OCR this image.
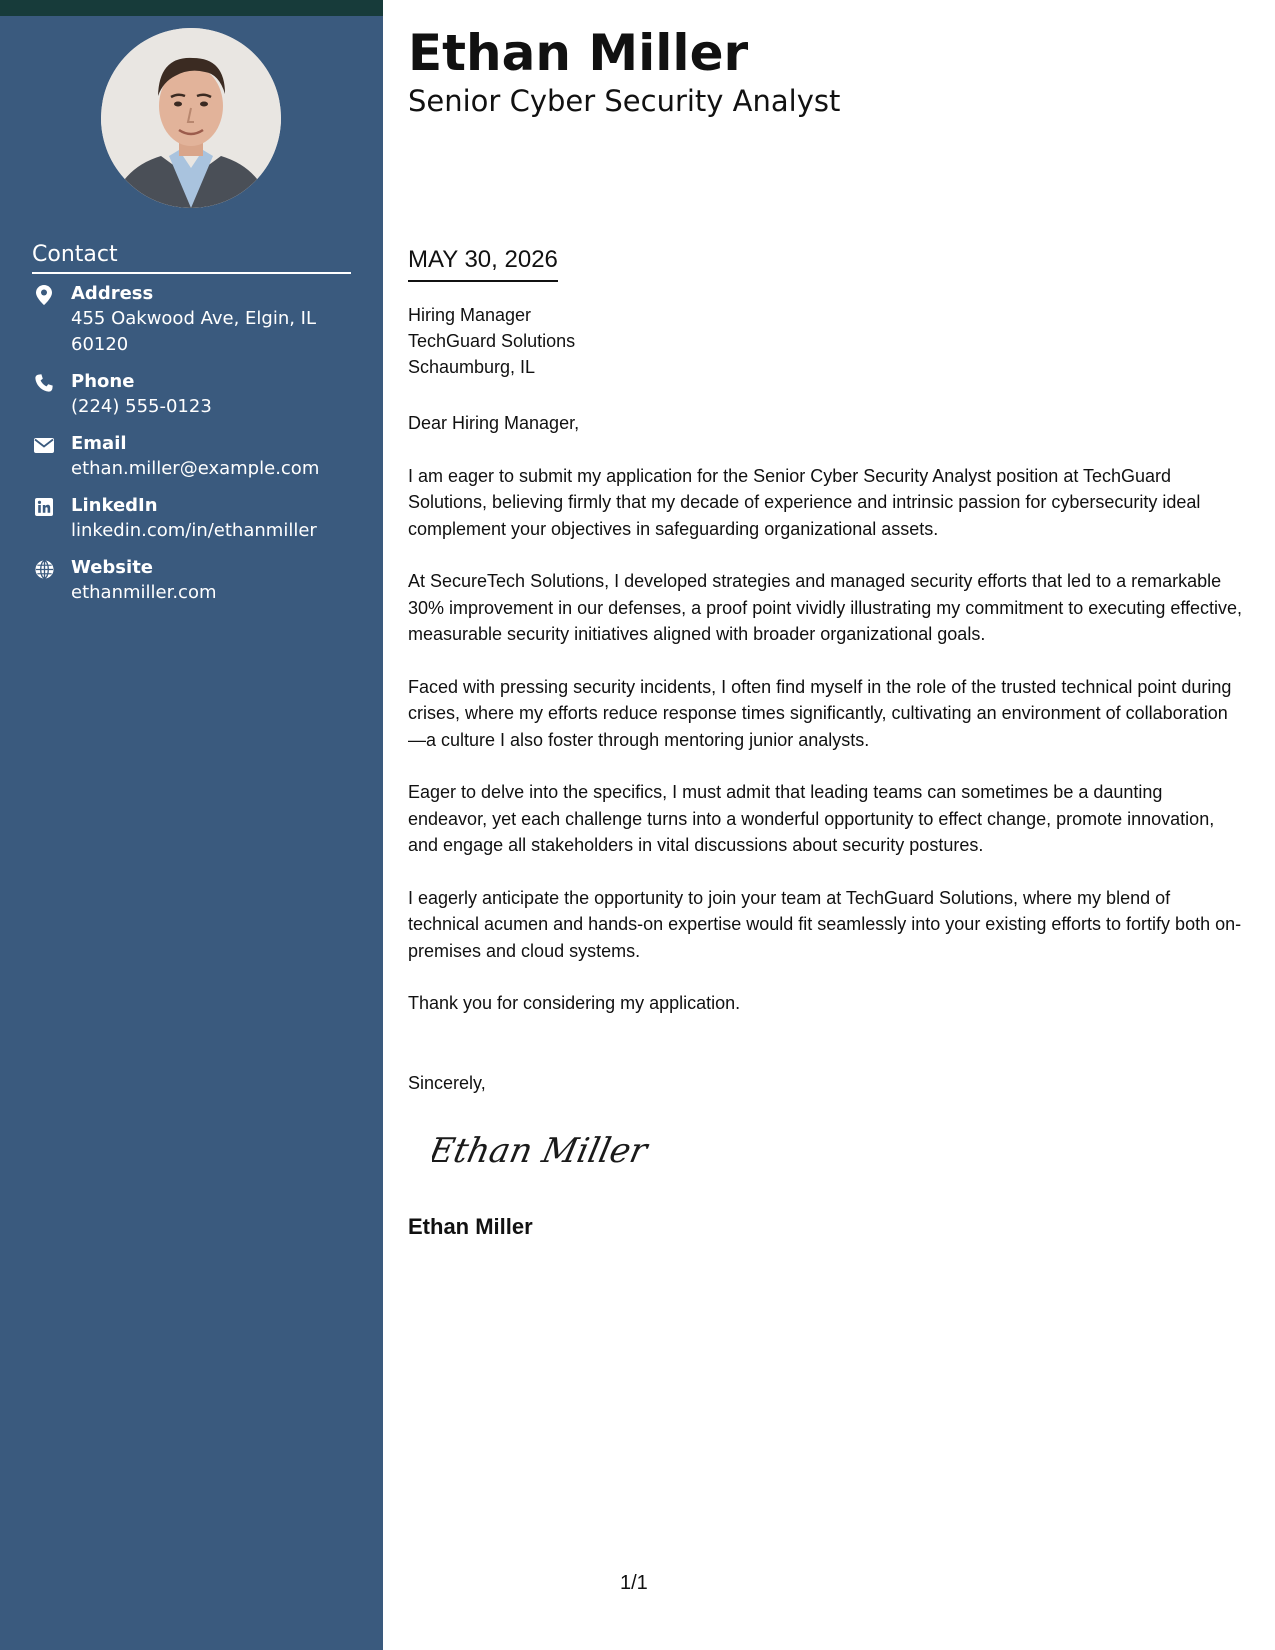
Contact
Address
455 Oakwood Ave, Elgin, IL 60120
Phone
(224) 555-0123
Email
ethan.miller@example.com
LinkedIn
linkedin.com/in/ethanmiller
Website
ethanmiller.com
Ethan Miller
Senior Cyber Security Analyst
MAY 30, 2026
Hiring Manager
TechGuard Solutions
Schaumburg, IL

Dear Hiring Manager,

I am eager to submit my application for the Senior Cyber Security Analyst position at TechGuard Solutions, believing firmly that my decade of experience and intrinsic passion for cybersecurity ideal complement your objectives in safeguarding organizational assets.

At SecureTech Solutions, I developed strategies and managed security efforts that led to a remarkable 30% improvement in our defenses, a proof point vividly illustrating my commitment to executing effective, measurable security initiatives aligned with broader organizational goals.

Faced with pressing security incidents, I often find myself in the role of the trusted technical point during crises, where my efforts reduce response times significantly, cultivating an environment of collaboration—a culture I also foster through mentoring junior analysts.

Eager to delve into the specifics, I must admit that leading teams can sometimes be a daunting endeavor, yet each challenge turns into a wonderful opportunity to effect change, promote innovation, and engage all stakeholders in vital discussions about security postures.

I eagerly anticipate the opportunity to join your team at TechGuard Solutions, where my blend of technical acumen and hands-on expertise would fit seamlessly into your existing efforts to fortify both on-premises and cloud systems.

Thank you for considering my application.

Sincerely,
Ethan Miller
Ethan Miller
1/1
